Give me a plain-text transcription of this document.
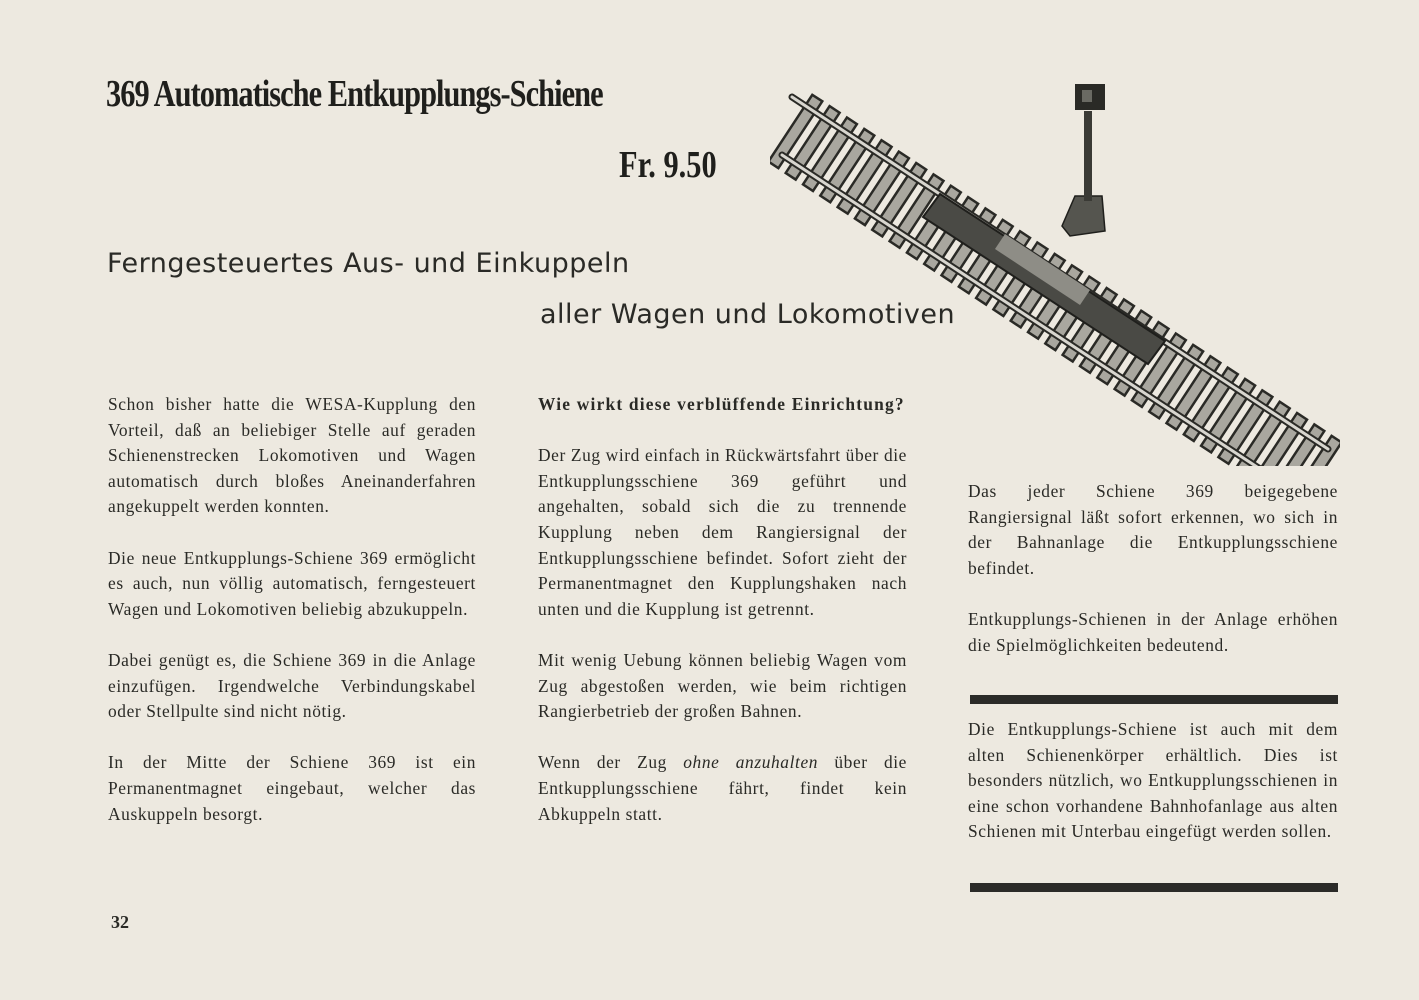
369 Automatische Entkupplungs-Schiene
Fr. 9.50
Ferngesteuertes Aus- und Einkuppeln
aller Wagen und Lokomotiven

Schon bisher hatte die WESA-Kupplung den Vorteil, daß an beliebiger Stelle auf geraden Schienenstrecken Lokomotiven und Wagen automatisch durch bloßes Aneinanderfahren angekuppelt werden konnten.

Die neue Entkupplungs-Schiene 369 ermöglicht es auch, nun völlig automatisch, ferngesteuert Wagen und Lokomotiven beliebig abzukuppeln.

Dabei genügt es, die Schiene 369 in die Anlage einzufügen. Irgendwelche Verbindungskabel oder Stellpulte sind nicht nötig.

In der Mitte der Schiene 369 ist ein Permanentmagnet eingebaut, welcher das Auskuppeln besorgt.

Wie wirkt diese verblüffende Einrichtung?

Der Zug wird einfach in Rückwärtsfahrt über die Entkupplungsschiene 369 geführt und angehalten, sobald sich die zu trennende Kupplung neben dem Rangiersignal der Entkupplungsschiene befindet. Sofort zieht der Permanentmagnet den Kupplungshaken nach unten und die Kupplung ist getrennt.

Mit wenig Uebung können beliebig Wagen vom Zug abgestoßen werden, wie beim richtigen Rangierbetrieb der großen Bahnen.

Wenn der Zug ohne anzuhalten über die Entkupplungsschiene fährt, findet kein Abkuppeln statt.

Das jeder Schiene 369 beigegebene Rangiersignal läßt sofort erkennen, wo sich in der Bahnanlage die Entkupplungsschiene befindet.

Entkupplungs-Schienen in der Anlage erhöhen die Spielmöglichkeiten bedeutend.

Die Entkupplungs-Schiene ist auch mit dem alten Schienenkörper erhältlich. Dies ist besonders nützlich, wo Entkupplungsschienen in eine schon vorhandene Bahnhofanlage aus alten Schienen mit Unterbau eingefügt werden sollen.

32
